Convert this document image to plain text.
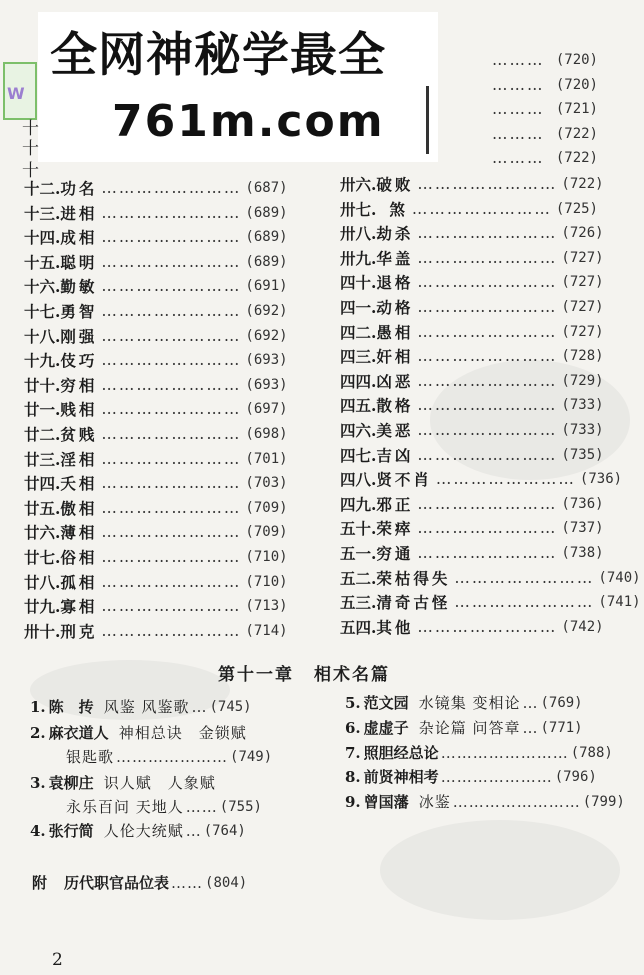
W
全网神秘学最全
761m.com
十
十
十
……… (720)
……… (720)
……… (721)
……… (722)
……… (722)
十二. 功名 …………………… (687)
十三. 进相 …………………… (689)
十四. 成相 …………………… (689)
十五. 聪明 …………………… (689)
十六. 勤敏 …………………… (691)
十七. 勇智 …………………… (692)
十八. 刚强 …………………… (692)
十九. 伎巧 …………………… (693)
廿十. 穷相 …………………… (693)
廿一. 贱相 …………………… (697)
廿二. 贫贱 …………………… (698)
廿三. 淫相 …………………… (701)
廿四. 夭相 …………………… (703)
廿五. 傲相 …………………… (709)
廿六. 薄相 …………………… (709)
廿七. 俗相 …………………… (710)
廿八. 孤相 …………………… (710)
廿九. 寡相 …………………… (713)
卅十. 刑克 …………………… (714)
卅六. 破败 …………………… (722)
卅七. 煞 …………………… (725)
卅八. 劫杀 …………………… (726)
卅九. 华盖 …………………… (727)
四十. 退格 …………………… (727)
四一. 动格 …………………… (727)
四二. 愚相 …………………… (727)
四三. 奸相 …………………… (728)
四四. 凶恶 …………………… (729)
四五. 散格 …………………… (733)
四六. 美恶 …………………… (733)
四七. 吉凶 …………………… (735)
四八. 贤不肖 …………………… (736)
四九. 邪正 …………………… (736)
五十. 荣瘁 …………………… (737)
五一. 穷通 …………………… (738)
五二. 荣枯得失 …………………… (740)
五三. 清奇古怪 …………………… (741)
五四. 其他 …………………… (742)
第十一章 相术名篇
1. 陈　抟 风鉴 风鉴歌 … (745)
2. 麻衣道人 神相总诀　金锁赋
银匙歌 ………………… (749)
3. 袁柳庄 识人赋　人象赋
永乐百问 天地人 …… (755)
4. 张行简 人伦大统赋 … (764)
5. 范文园 水镜集 变相论 … (769)
6. 虚虚子 杂论篇 问答章 … (771)
7. 照胆经总论 …………………… (788)
8. 前贤神相考 ………………… (796)
9. 曾国藩 冰鉴 …………………… (799)
附 历代职官品位表 …… (804)
2
